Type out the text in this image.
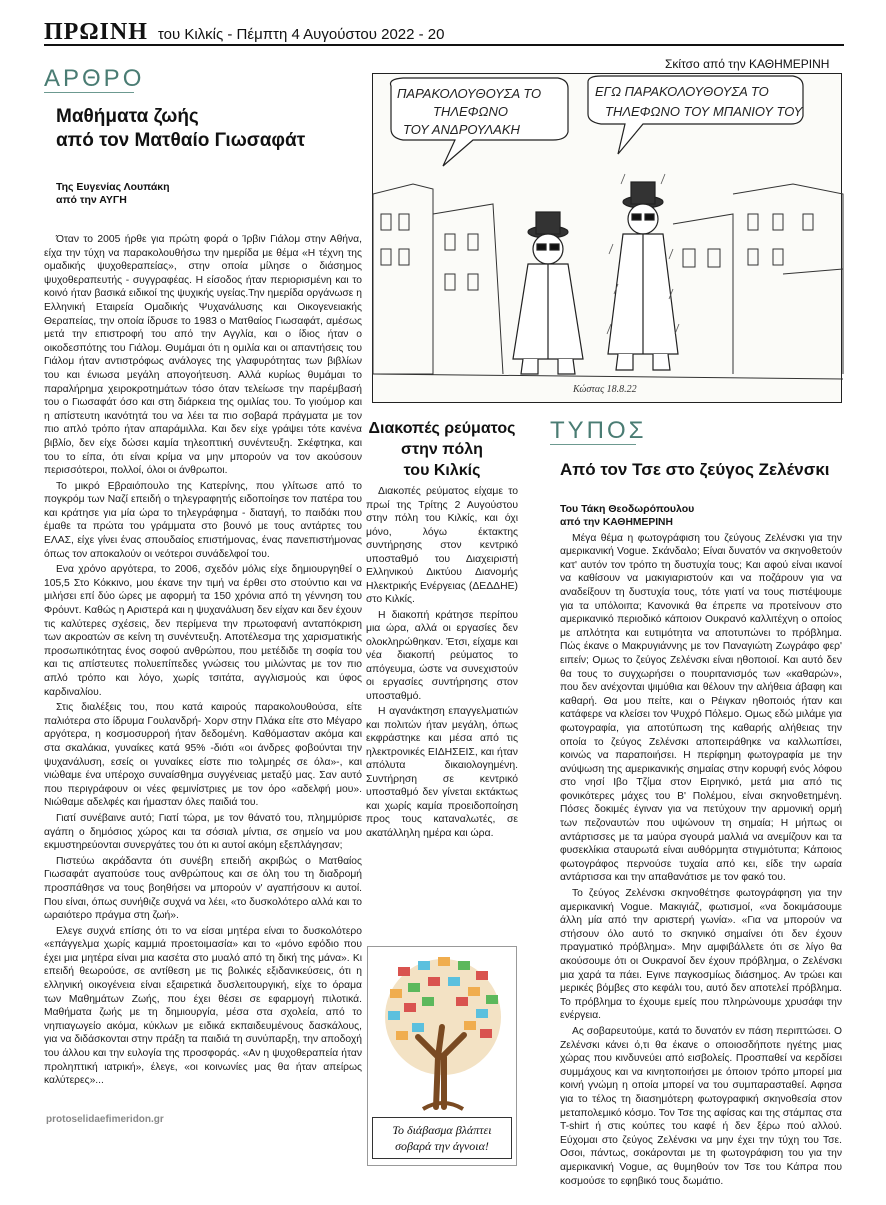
ΠΡΩΙΝΗ του Κιλκίς - Πέμπτη 4 Αυγούστου 2022 - 20
ΑΡΘΡΟ
Μαθήματα ζωής
από τον Ματθαίο Γιωσαφάτ
Της Ευγενίας Λουπάκη
από την ΑΥΓΗ

Όταν το 2005 ήρθε για πρώτη φορά ο Ίρβιν Γιάλομ στην Αθήνα, είχα την τύχη να παρακολουθήσω την ημερίδα με θέμα «Η τέχνη της ομαδικής ψυχοθεραπείας», στην οποία μίλησε ο διάσημος ψυχοθεραπευτής - συγγραφέας. Η είσοδος ήταν περιορισμένη και το κοινό ήταν βασικά ειδικοί της ψυχικής υγείας.Την ημερίδα οργάνωσε η Ελληνική Εταιρεία Ομαδικής Ψυχανάλυσης και Οικογενειακής Θεραπείας, την οποία ίδρυσε το 1983 ο Ματθαίος Γιωσαφάτ, αμέσως μετά την επιστροφή του από την Αγγλία, και ο ίδιος ήταν ο οικοδεσπότης του Γιάλομ. Θυμάμαι ότι η ομιλία και οι απαντήσεις του Γιάλομ ήταν αντιστρόφως ανάλογες της γλαφυρότητας των βιβλίων του και ένιωσα μεγάλη απογοήτευση. Αλλά κυρίως θυμάμαι το παραλήρημα χειροκροτημάτων τόσο όταν τελείωσε την παρέμβασή του ο Γιωσαφάτ όσο και στη διάρκεια της ομιλίας του. Το γιούμορ και η απίστευτη ικανότητά του να λέει τα πιο σοβαρά πράγματα με τον πιο απλό τρόπο ήταν απαράμιλλα. Και δεν είχε γράψει τότε κανένα βιβλίο, δεν είχε δώσει καμία τηλεοπτική συνέντευξη. Σκέφτηκα, και του το είπα, ότι είναι κρίμα να μην μπορούν να τον ακούσουν περισσότεροι, πολλοί, όλοι οι άνθρωποι.

Το μικρό Εβραιόπουλο της Κατερίνης, που γλίτωσε από το πογκρόμ των Ναζί επειδή ο τηλεγραφητής ειδοποίησε τον πατέρα του και κράτησε για μία ώρα το τηλεγράφημα - διαταγή, το παιδάκι που έμαθε τα πρώτα του γράμματα στο βουνό με τους αντάρτες του ΕΛΑΣ, είχε γίνει ένας σπουδαίος επιστήμονας, ένας πανεπιστήμονας όπως τον αποκαλούν οι νεότεροι συνάδελφοί του.

Ενα χρόνο αργότερα, το 2006, σχεδόν μόλις είχε δημιουργηθεί ο 105,5 Στο Κόκκινο, μου έκανε την τιμή να έρθει στο στούντιο και να μιλήσει επί δύο ώρες με αφορμή τα 150 χρόνια από τη γέννηση του Φρόυντ. Καθώς η Αριστερά και η ψυχανάλυση δεν είχαν και δεν έχουν τις καλύτερες σχέσεις, δεν περίμενα την πρωτοφανή ανταπόκριση των ακροατών σε κείνη τη συνέντευξη. Αποτέλεσμα της χαρισματικής προσωπικότητας ένος σοφού ανθρώπου, που μετέδιδε τη σοφία του και τις απίστευτες πολυεπίπεδες γνώσεις του μιλώντας με τον πιο απλό τρόπο και λόγο, χωρίς τσιτάτα, αγγλισμούς και ύφος καρδιναλίου.

Στις διαλέξεις του, που κατά καιρούς παρακολουθούσα, είτε παλιότερα στο ίδρυμα Γουλανδρή- Χορν στην Πλάκα είτε στο Μέγαρο αργότερα, η κοσμοσυρροή ήταν δεδομένη. Καθόμασταν ακόμα και στα σκαλάκια, γυναίκες κατά 95% -διότι «οι άνδρες φοβούνται την ψυχανάλυση, εσείς οι γυναίκες είστε πιο τολμηρές σε όλα»-, και νιώθαμε ένα υπέροχο συναίσθημα συγγένειας μεταξύ μας. Σαν αυτό που περιγράφουν οι νέες φεμινίστριες με τον όρο «αδελφή μου». Νιώθαμε αδελφές και ήμασταν όλες παιδιά του.

Γιατί συνέβαινε αυτό; Γιατί τώρα, με τον θάνατό του, πλημμύρισε αγάπη ο δημόσιος χώρος και τα σόσιαλ μίντια, σε σημείο να μου εκμυστηρεύονται συνεργάτες του ότι κι αυτοί ακόμη εξεπλάγησαν;

Πιστεύω ακράδαντα ότι συνέβη επειδή ακριβώς ο Ματθαίος Γιωσαφάτ αγαπούσε τους ανθρώπους και σε όλη του τη διαδρομή προσπάθησε να τους βοηθήσει να μπορούν ν' αγαπήσουν κι αυτοί. Που είναι, όπως συνήθιζε συχνά να λέει, «το δυσκολότερο αλλά και το ωραιότερο πράγμα στη ζωή».

Ελεγε συχνά επίσης ότι το να είσαι μητέρα είναι το δυσκολότερο «επάγγελμα χωρίς καμμιά προετοιμασία» και το «μόνο εφόδιο που έχει μια μητέρα είναι μια κασέτα στο μυαλό από τη δική της μάνα». Κι επειδή θεωρούσε, σε αντίθεση με τις βολικές εξιδανικεύσεις, ότι η ελληνική οικογένεια είναι εξαιρετικά δυσλειτουργική, είχε το όραμα των Μαθημάτων Ζωής, που έχει θέσει σε εφαρμογή πιλοτικά. Μαθήματα ζωής με τη δημιουργία, μέσα στα σχολεία, από το νηπιαγωγείο ακόμα, κύκλων με ειδικά εκπαιδευμένους δασκάλους, για να διδάσκονται στην πράξη τα παιδιά τη συνύπαρξη, την αποδοχή του άλλου και την ευλογία της προσφοράς. «Αν η ψυχοθεραπεία ήταν προληπτική ιατρική», έλεγε, «οι κοινωνίες μας θα ήταν απείρως καλύτερες»...

protoselidaefimeridon.gr
Σκίτσο από την ΚΑΘΗΜΕΡΙΝΗ
ΠΑΡΑΚΟΛΟΥΘΟΥΣΑ ΤΟ
ΤΗΛΕΦΩΝΟ
ΤΟΥ ΑΝΔΡΟΥΛΑΚΗ
ΕΓΩ ΠΑΡΑΚΟΛΟΥΘΟΥΣΑ ΤΟ
ΤΗΛΕΦΩΝΟ ΤΟΥ ΜΠΑΝΙΟΥ ΤΟΥ
Κώστας 18.8.22
Διακοπές ρεύματος
στην πόλη
του Κιλκίς

Διακοπές ρεύματος είχαμε το πρωί της Τρίτης 2 Αυγούστου στην πόλη του Κιλκίς, και όχι μόνο, λόγω έκτακτης συντήρησης στον κεντρικό υποσταθμό του Διαχειριστή Ελληνικού Δικτύου Διανομής Ηλεκτρικής Ενέργειας (ΔΕΔΔΗΕ) στο Κιλκίς.

Η διακοπή κράτησε περίπου μια ώρα, αλλά οι εργασίες δεν ολοκληρώθηκαν. Έτσι, είχαμε και νέα διακοπή ρεύματος το απόγευμα, ώστε να συνεχιστούν οι εργασίες συντήρησης στον υποσταθμό.

Η αγανάκτηση επαγγελματιών και πολιτών ήταν μεγάλη, όπως εκφράστηκε και μέσα από τις ηλεκτρονικές ΕΙΔΗΣΕΙΣ, και ήταν απόλυτα δικαιολογημένη. Συντήρηση σε κεντρικό υποσταθμό δεν γίνεται εκτάκτως και χωρίς καμία προειδοποίηση προς τους καταναλωτές, σε ακατάλληλη ημέρα και ώρα.

Το διάβασμα βλάπτει
σοβαρά την άγνοια!
ΤΥΠΟΣ
Από τον Τσε στο ζεύγος Ζελένσκι
Του Τάκη Θεοδωρόπουλου

από την ΚΑΘΗΜΕΡΙΝΗ

Μέγα θέμα η φωτογράφιση του ζεύγους Ζελένσκι για την αμερικανική Vogue. Σκάνδαλο; Είναι δυνατόν να σκηνοθετούν κατ' αυτόν τον τρόπο τη δυστυχία τους; Και αφού είναι ικανοί να καθίσουν να μακιγιαριστούν και να ποζάρουν για να αναδείξουν τη δυστυχία τους, τότε γιατί να τους πιστέψουμε για τα υπόλοιπα; Κανονικά θα έπρεπε να προτείνουν στο αμερικανικό περιοδικό κάποιον Ουκρανό καλλιτέχνη ο οποίος με απλότητα και ευτιμότητα να αποτυπώνει το πρόβλημα. Πώς έκανε ο Μακρυγιάννης με τον Παναγιώτη Ζωγράφο φερ' ειπείν; Ομως το ζεύγος Ζελένσκι είναι ηθοποιοί. Και αυτό δεν θα τους το συγχωρήσει ο πουριτανισμός των «καθαρών», που δεν ανέχονται ψιμύθια και θέλουν την αλήθεια άβαφη και καθαρή. Θα μου πείτε, και ο Ρέιγκαν ηθοποιός ήταν και κατάφερε να κλείσει τον Ψυχρό Πόλεμο. Ομως εδώ μιλάμε για φωτογραφία, για αποτύπωση της καθαρής αλήθειας την οποία το ζεύγος Ζελένσκι αποπειράθηκε να καλλωπίσει, κοινώς να παραποιήσει. Η περίφημη φωτογραφία με την ανύψωση της αμερικανικής σημαίας στην κορυφή ενός λόφου στο νησί Ιβο Τζίμα στον Ειρηνικό, μετά μια από τις φονικότερες μάχες του Β' Πολέμου, είναι σκηνοθετημένη. Πόσες δοκιμές έγιναν για να πετύχουν την αρμονική ορμή των πεζοναυτών που υψώνουν τη σημαία; Η μήπως οι αντάρτισσες με τα μαύρα σγουρά μαλλιά να ανεμίζουν και τα φυσεκλίκια σταυρωτά είναι αυθόρμητα στιγμιότυπα; Κάποιος φωτογράφος περνούσε τυχαία από κει, είδε την ωραία αντάρτισσα και την απαθανάτισε με τον φακό του.

Το ζεύγος Ζελένσκι σκηνοθέτησε φωτογράφηση για την αμερικανική Vogue. Μακιγιάζ, φωτισμοί, «να δοκιμάσουμε άλλη μία από την αριστερή γωνία». «Για να μπορούν να στήσουν όλο αυτό το σκηνικό σημαίνει ότι δεν έχουν πραγματικό πρόβλημα». Μην αμφιβάλλετε ότι σε λίγο θα ακούσουμε ότι οι Ουκρανοί δεν έχουν πρόβλημα, ο Ζελένσκι μια χαρά τα πάει. Εγινε παγκοσμίως διάσημος. Αν τρώει και μερικές βόμβες στο κεφάλι του, αυτό δεν αποτελεί πρόβλημα. Το πρόβλημα το έχουμε εμείς που πληρώνουμε χρυσάφι την ενέργεια.

Ας σοβαρευτούμε, κατά το δυνατόν εν πάση περιπτώσει. Ο Ζελένσκι κάνει ό,τι θα έκανε ο οποιοσδήποτε ηγέτης μιας χώρας που κινδυνεύει από εισβολείς. Προσπαθεί να κερδίσει συμμάχους και να κινητοποιήσει με όποιον τρόπο μπορεί μια κοινή γνώμη η οποία μπορεί να του συμπαρασταθεί. Αφησα για το τέλος τη διασημότερη φωτογραφική σκηνοθεσία στον μεταπολεμικό κόσμο. Τον Τσε της αφίσας και της στάμπας στα T-shirt ή στις κούπες του καφέ ή δεν ξέρω πού αλλού. Εύχομαι στο ζεύγος Ζελένσκι να μην έχει την τύχη του Τσε. Οσοι, πάντως, σοκάρονται με τη φωτογράφιση του για την αμερικανική Vogue, ας θυμηθούν τον Τσε του Κάπρα που κοσμούσε το εφηβικό τους δωμάτιο.
